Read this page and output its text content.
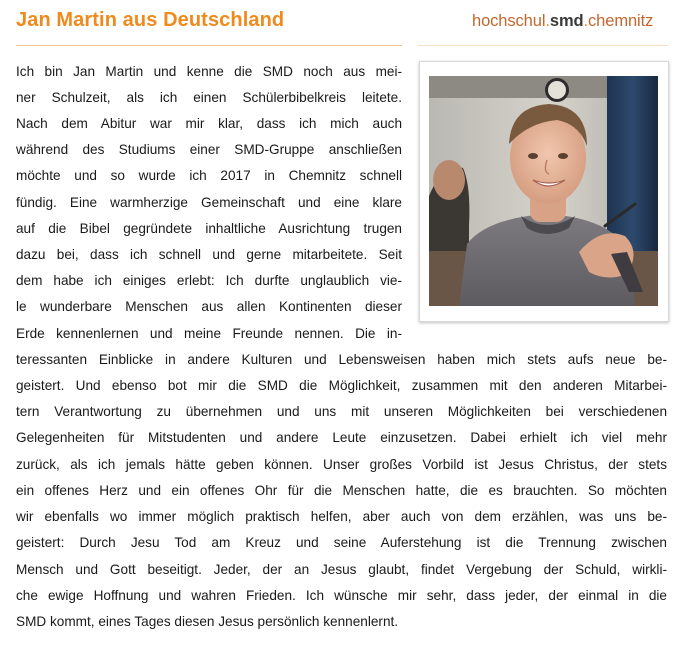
Jan Martin aus Deutschland	hochschul.smd.chemnitz
Ich bin Jan Martin und kenne die SMD noch aus mei-
ner Schulzeit, als ich einen Schülerbibelkreis leitete.
Nach dem Abitur war mir klar, dass ich mich auch
während des Studiums einer SMD-Gruppe anschließen
möchte und so wurde ich 2017 in Chemnitz schnell
fündig. Eine warmherzige Gemeinschaft und eine klare
auf die Bibel gegründete inhaltliche Ausrichtung trugen
dazu bei, dass ich schnell und gerne mitarbeitete. Seit
dem habe ich einiges erlebt: Ich durfte unglaublich vie-
le wunderbare Menschen aus allen Kontinenten dieser
Erde kennenlernen und meine Freunde nennen. Die in-
teressanten Einblicke in andere Kulturen und Lebensweisen haben mich stets aufs neue be-
geistert. Und ebenso bot mir die SMD die Möglichkeit, zusammen mit den anderen Mitarbei-
tern Verantwortung zu übernehmen und uns mit unseren Möglichkeiten bei verschiedenen
Gelegenheiten für Mitstudenten und andere Leute einzusetzen. Dabei erhielt ich viel mehr
zurück, als ich jemals hätte geben können. Unser großes Vorbild ist Jesus Christus, der stets
ein offenes Herz und ein offenes Ohr für die Menschen hatte, die es brauchten. So möchten
wir ebenfalls wo immer möglich praktisch helfen, aber auch von dem erzählen, was uns be-
geistert: Durch Jesu Tod am Kreuz und seine Auferstehung ist die Trennung zwischen
Mensch und Gott beseitigt. Jeder, der an Jesus glaubt, findet Vergebung der Schuld, wirkli-
che ewige Hoffnung und wahren Frieden. Ich wünsche mir sehr, dass jeder, der einmal in die
SMD kommt, eines Tages diesen Jesus persönlich kennenlernt.
